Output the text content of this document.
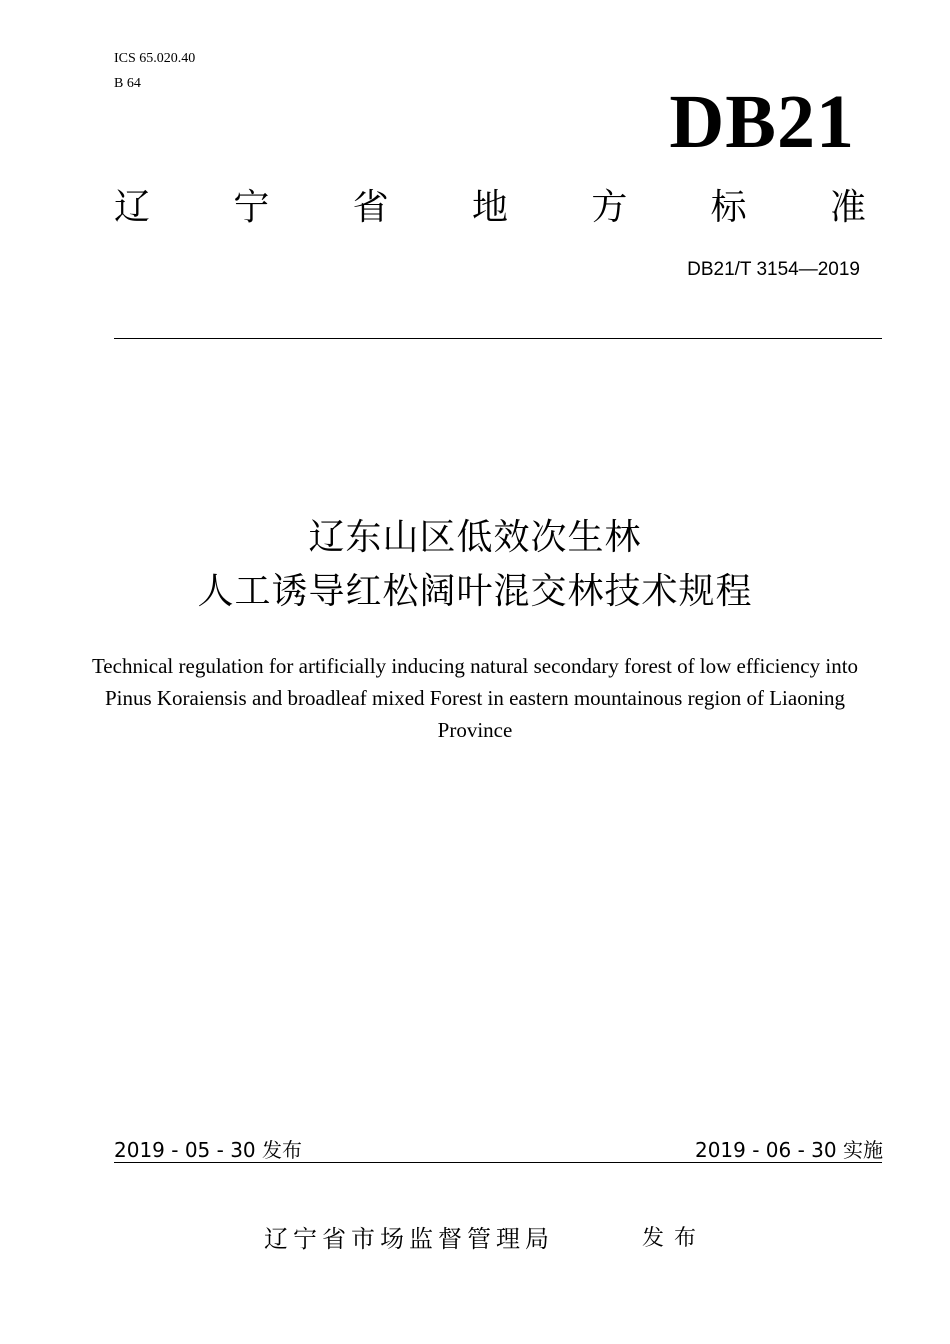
ICS 65.020.40
B 64	DB21
辽 宁 省 地 方 标 准
DB21/T 3154—2019
辽东山区低效次生林
人工诱导红松阔叶混交林技术规程
Technical regulation for artificially inducing natural secondary forest of low efficiency into Pinus Koraiensis and broadleaf mixed Forest in eastern mountainous region of Liaoning Province
2019 - 05 - 30 发布	2019 - 06 - 30 实施
辽宁省市场监督管理局	发布
